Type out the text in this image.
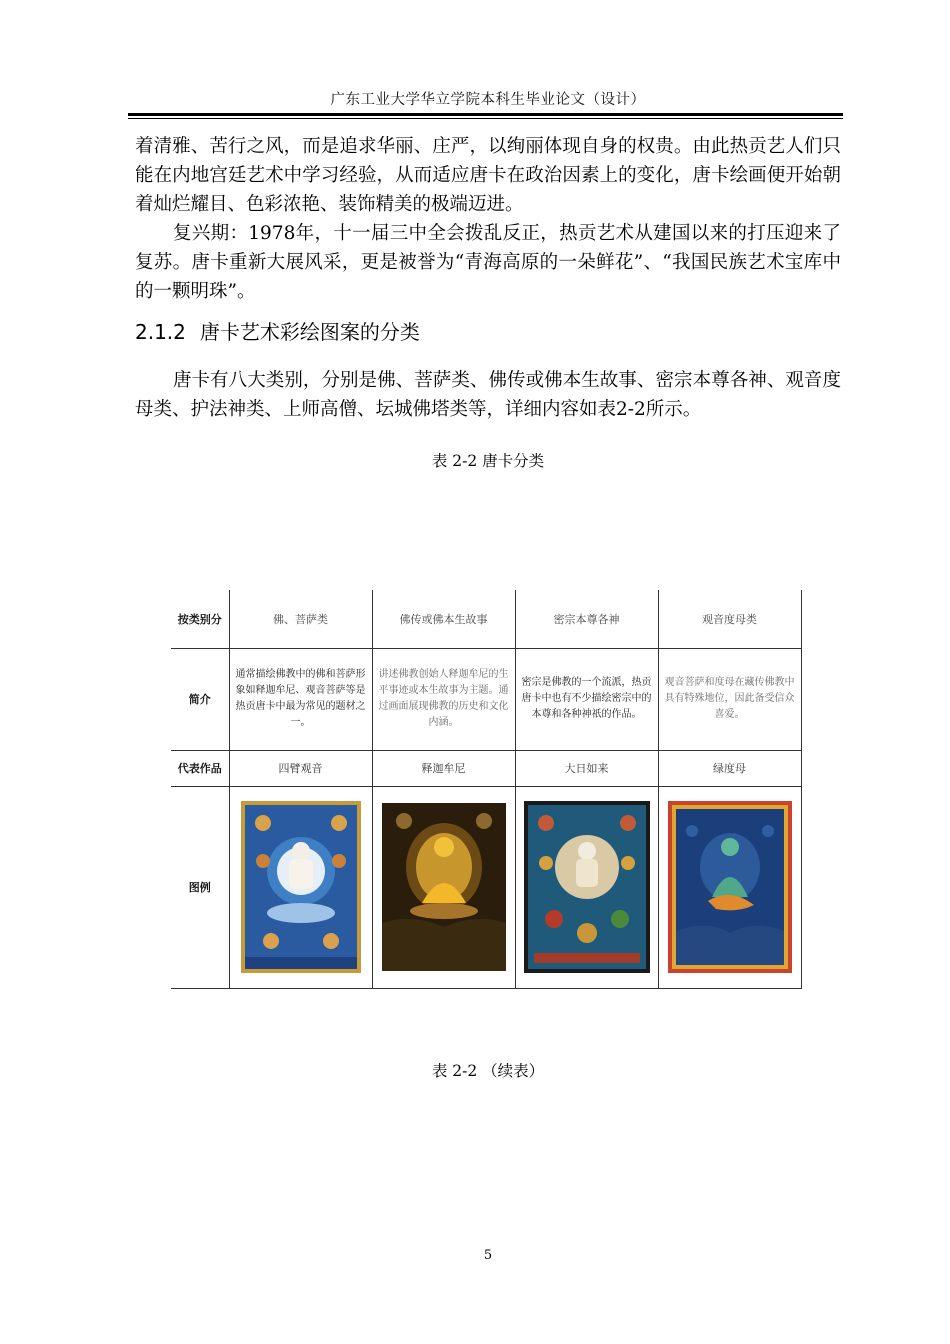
广东工业大学华立学院本科生毕业论文（设计）

着清雅、苦行之风，而是追求华丽、庄严，以绚丽体现自身的权贵。由此热贡艺人们只能在内地宫廷艺术中学习经验，从而适应唐卡在政治因素上的变化，唐卡绘画便开始朝着灿烂耀目、色彩浓艳、装饰精美的极端迈进。

复兴期：1978年，十一届三中全会拨乱反正，热贡艺术从建国以来的打压迎来了复苏。唐卡重新大展风采，更是被誉为“青海高原的一朵鲜花”、“我国民族艺术宝库中的一颗明珠”。

2.1.2 唐卡艺术彩绘图案的分类

唐卡有八大类别，分别是佛、菩萨类、佛传或佛本生故事、密宗本尊各神、观音度母类、护法神类、上师高僧、坛城佛塔类等，详细内容如表2-2所示。

表 2-2 唐卡分类
按类别分	佛、菩萨类	佛传或佛本生故事	密宗本尊各神	观音度母类
简介	通常描绘佛教中的佛和菩萨形象如释迦牟尼、观音菩萨等是热贡唐卡中最为常见的题材之一。	讲述佛教创始人释迦牟尼的生平事迹或本生故事为主题。通过画面展现佛教的历史和文化内涵。	密宗是佛教的一个流派，热贡唐卡中也有不少描绘密宗中的本尊和各种神祇的作品。	观音菩萨和度母在藏传佛教中具有特殊地位，因此备受信众喜爱。
代表作品	四臂观音	释迦牟尼	大日如来	绿度母
图例	

表 2-2 （续表）
5
